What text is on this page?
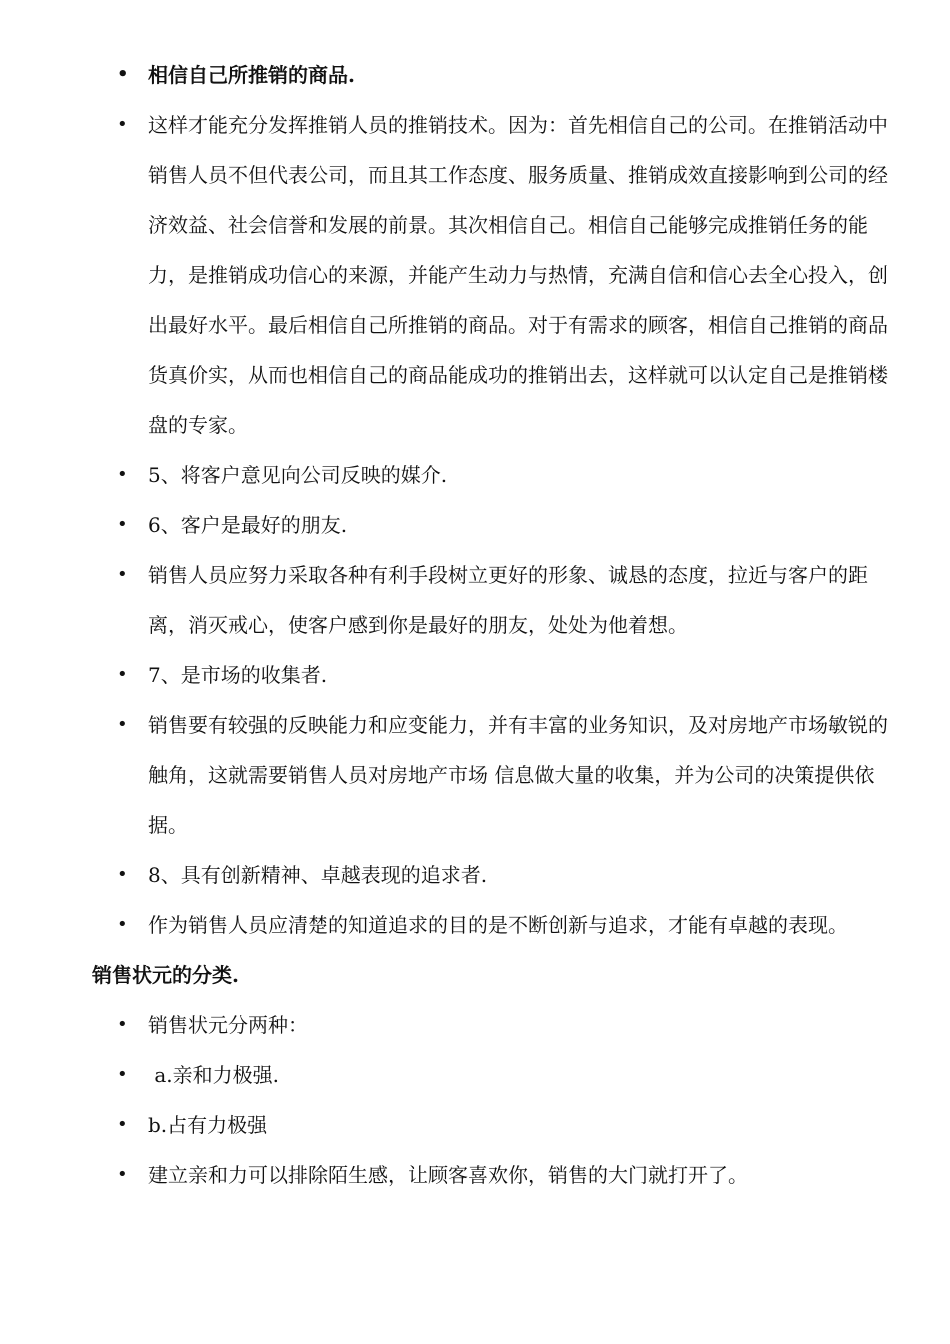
• 相信自己所推销的商品.
• 这样才能充分发挥推销人员的推销技术。因为：首先相信自己的公司。在推销活动中销售人员不但代表公司，而且其工作态度、服务质量、推销成效直接影响到公司的经济效益、社会信誉和发展的前景。其次相信自己。相信自己能够完成推销任务的能力，是推销成功信心的来源，并能产生动力与热情，充满自信和信心去全心投入，创出最好水平。最后相信自己所推销的商品。对于有需求的顾客，相信自己推销的商品货真价实，从而也相信自己的商品能成功的推销出去，这样就可以认定自己是推销楼盘的专家。
• 5、将客户意见向公司反映的媒介.
• 6、客户是最好的朋友.
• 销售人员应努力采取各种有利手段树立更好的形象、诚恳的态度，拉近与客户的距离，消灭戒心，使客户感到你是最好的朋友，处处为他着想。
• 7、是市场的收集者.
• 销售要有较强的反映能力和应变能力，并有丰富的业务知识，及对房地产市场敏锐的触角，这就需要销售人员对房地产市场 信息做大量的收集，并为公司的决策提供依据。
• 8、具有创新精神、卓越表现的追求者.
• 作为销售人员应清楚的知道追求的目的是不断创新与追求，才能有卓越的表现。
销售状元的分类.
• 销售状元分两种：
• a.亲和力极强.
• b.占有力极强
• 建立亲和力可以排除陌生感，让顾客喜欢你，销售的大门就打开了。
